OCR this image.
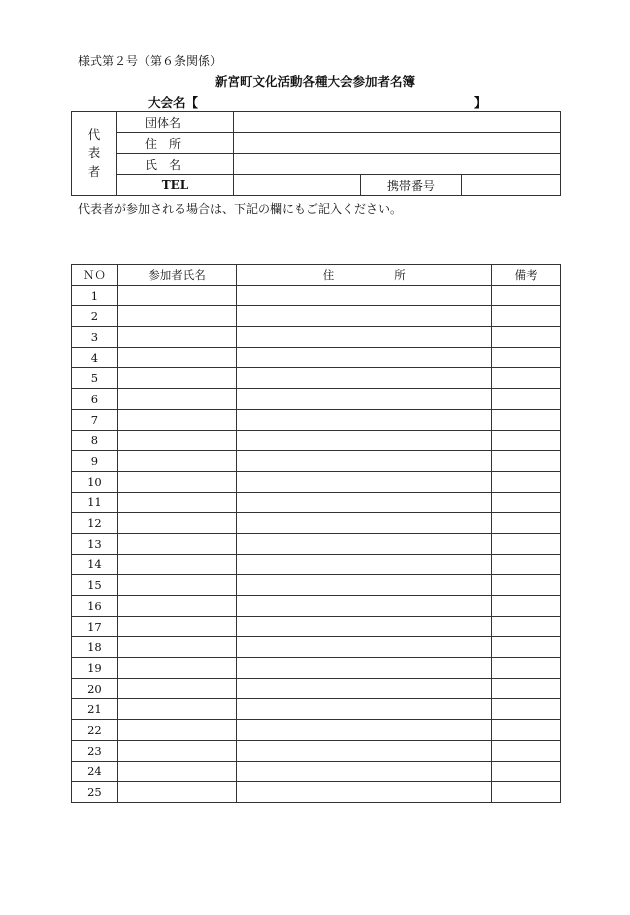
様式第２号（第６条関係）
新宮町文化活動各種大会参加者名簿
大会名【	】
代
表
者	団体名			
	住　 所			
	氏　 名			
	TEL		携帯番号	
代表者が参加される場合は、下記の欄にもご記入ください。
ＮＯ	参加者氏名	住 所	備考
1			
2			
3			
4			
5			
6			
7			
8			
9			
10			
11			
12			
13			
14			
15			
16			
17			
18			
19			
20			
21			
22			
23			
24			
25			
